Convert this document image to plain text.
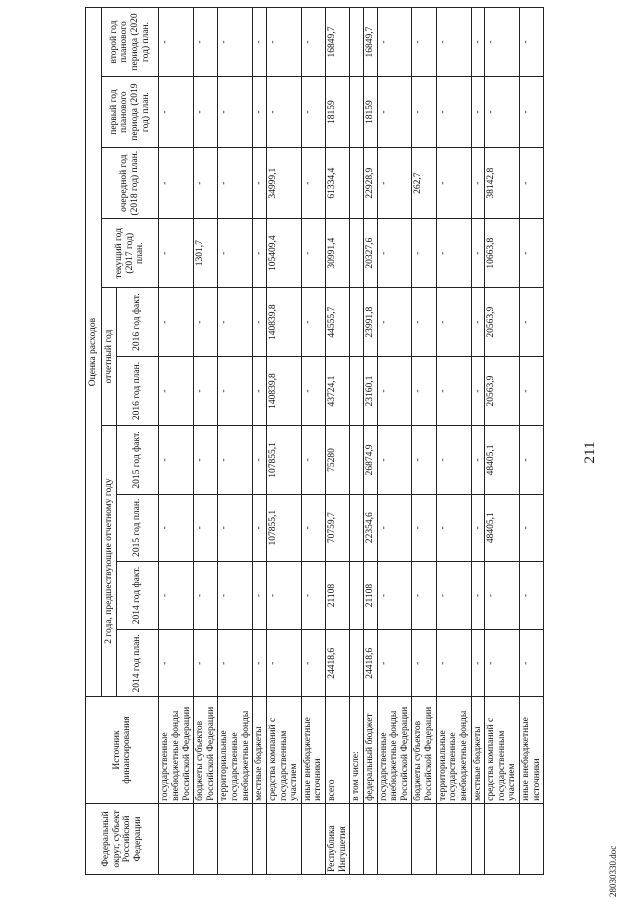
Федеральный округ, субъект Российской Федерации	Источник финансирования	Оценка расходов									
		2 года, предшествующие отчетному году				отчетный год		текущий год (2017 год) план.	очередной год (2018 год) план.	первый год планового периода (2019 год) план.	второй год планового периода (2020 год) план.
		2014 год план.	2014 год факт.	2015 год план.	2015 год факт.	2016 год план.	2016 год факт.				
	государственные внебюджетные фонды Российской Федерации	-	-	-	-	-	-	-	-	-	-
	бюджеты субъектов Российской Федерации	-	-	-	-	-	-	1301,7	-	-	-
	территориальные государственные внебюджетные фонды	-	-	-	-	-	-	-	-	-	-
	местные бюджеты	-	-	-	-	-	-	-	-	-	-
	средства компаний с государственным участием	-	-	107855,1	107855,1	140839,8	140839,8	105409,4	34999,1	-	-
	иные внебюджетные источники	-	-	-	-	-	-	-	-	-	-
Республика Ингушетия	всего	24418,6	21108	70759,7	75280	43724,1	44555,7	30991,4	61334,4	18159	16849,7
	в том числе:										
	федеральный бюджет	24418,6	21108	22354,6	26874,9	23160,1	23991,8	20327,6	22928,9	18159	16849,7
	государственные внебюджетные фонды Российской Федерации	-	-	-	-	-	-	-	-	-	-
	бюджеты субъектов Российской Федерации	-	-	-	-	-	-	-	262,7	-	-
	территориальные государственные внебюджетные фонды	-	-	-	-	-	-	-	-	-	-
	местные бюджеты	-	-	-	-	-	-	-	-	-	-
	средства компаний с государственным участием	-	-	48405,1	48405,1	20563,9	20563,9	10663,8	38142,8	-	-
	иные внебюджетные источники	-	-	-	-	-	-	-	-	-	-
211
28030330.doc
